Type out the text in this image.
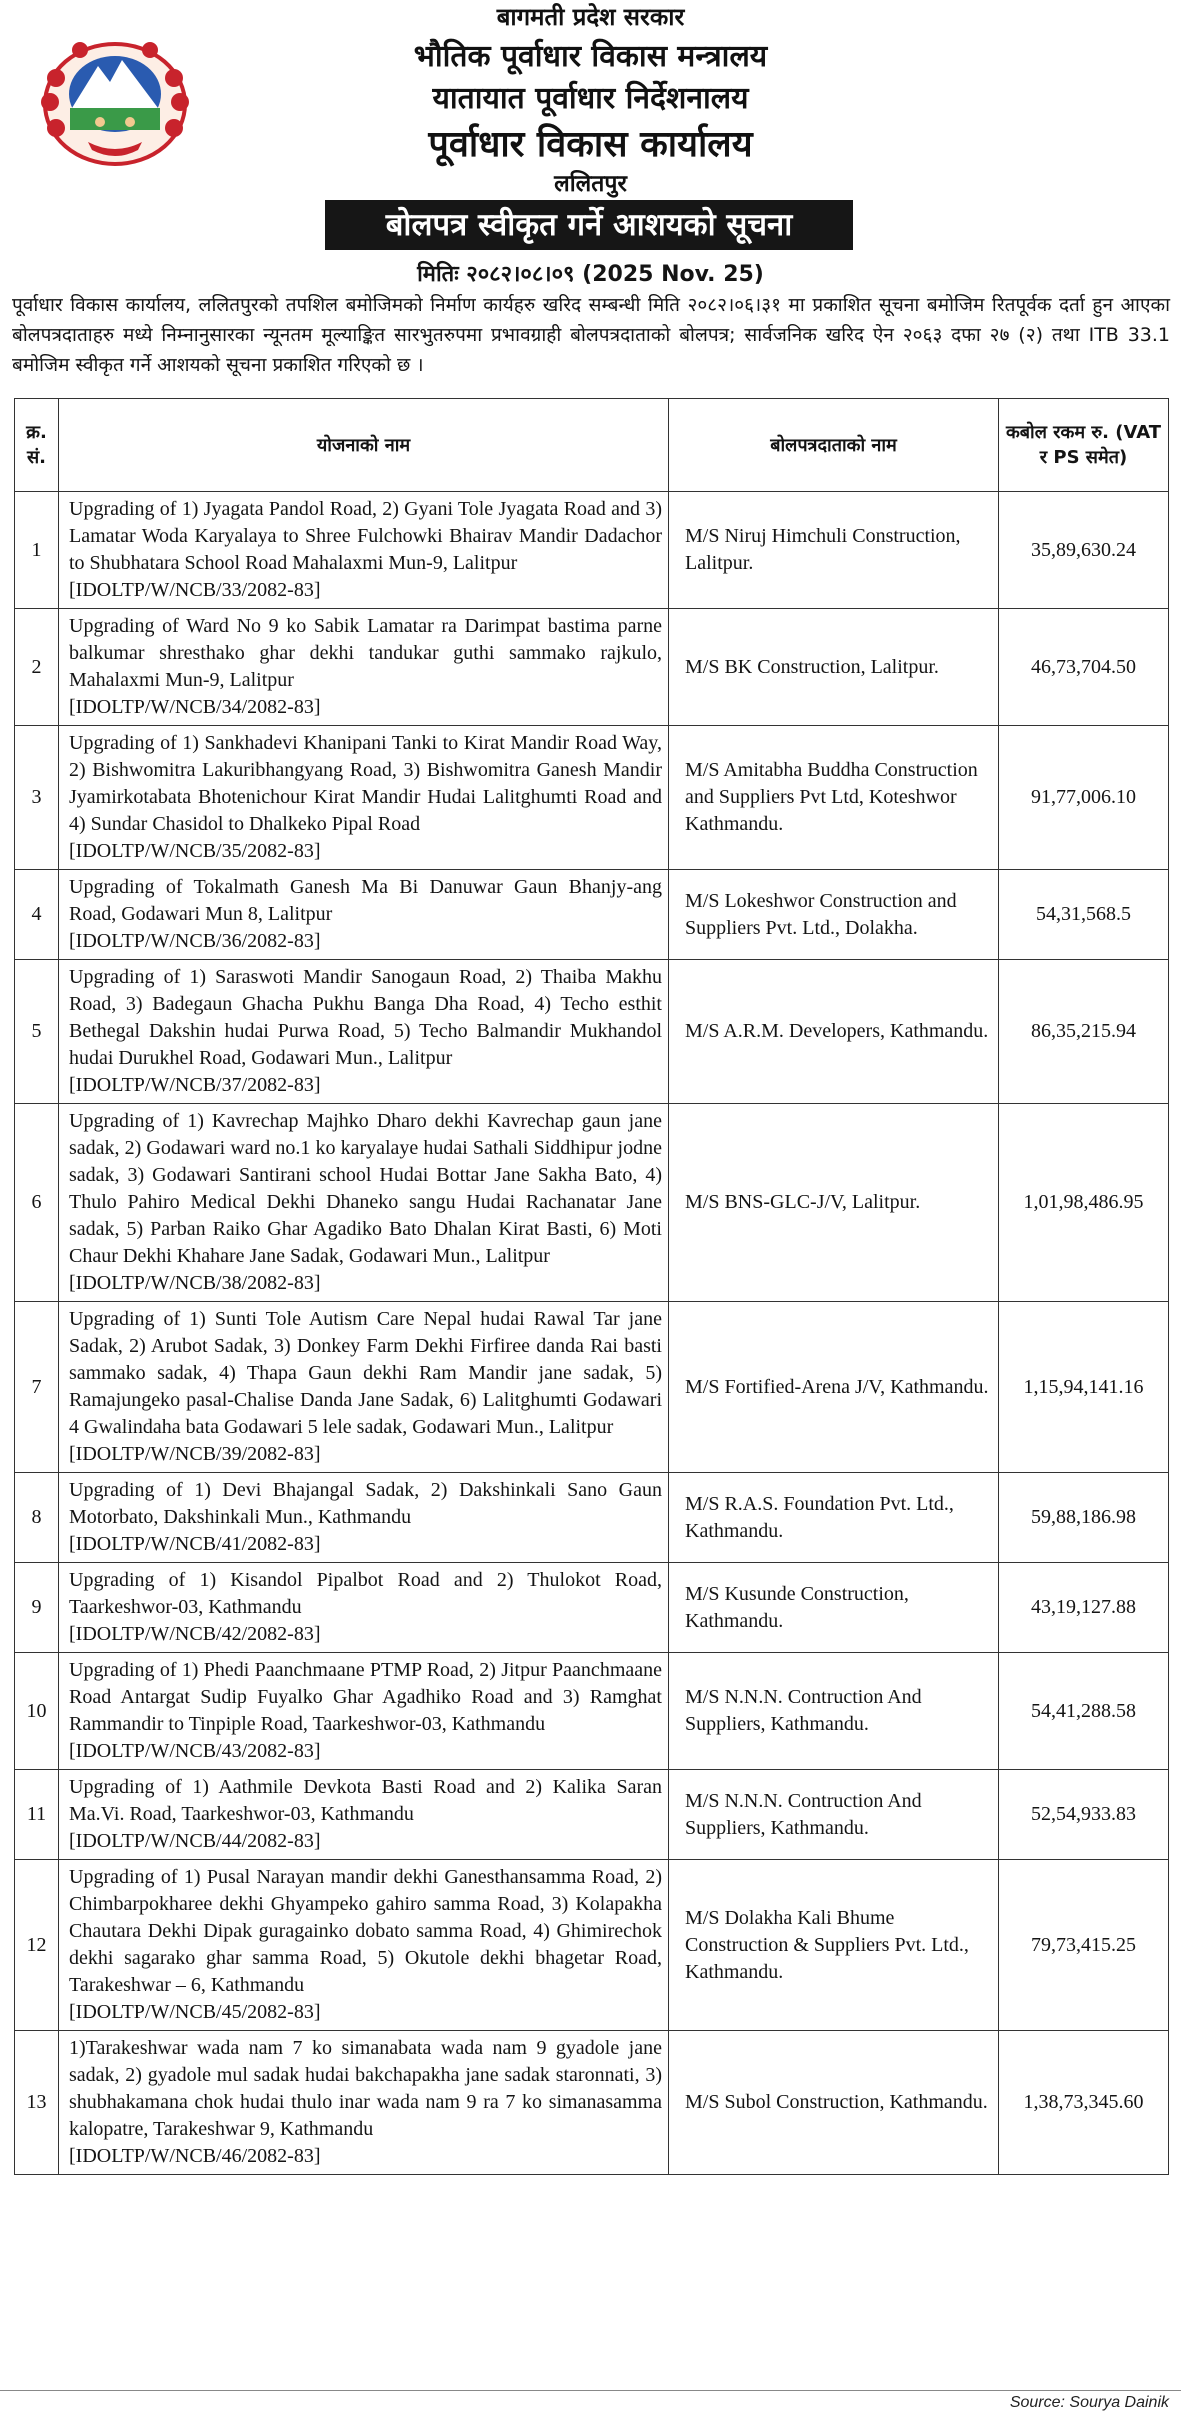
बागमती प्रदेश सरकार
भौतिक पूर्वाधार विकास मन्त्रालय
यातायात पूर्वाधार निर्देशनालय
पूर्वाधार विकास कार्यालय
ललितपुर
बोलपत्र स्वीकृत गर्ने आशयको सूचना
मितिः २०८२।०८।०९ (2025 Nov. 25)
पूर्वाधार विकास कार्यालय, ललितपुरको तपशिल बमोजिमको निर्माण कार्यहरु खरिद सम्बन्धी मिति २०८२।०६।३१ मा प्रकाशित सूचना बमोजिम रितपूर्वक दर्ता हुन आएका बोलपत्रदाताहरु मध्ये निम्नानुसारका न्यूनतम मूल्याङ्कित सारभुतरुपमा प्रभावग्राही बोलपत्रदाताको बोलपत्र; सार्वजनिक खरिद ऐन २०६३ दफा २७ (२) तथा ITB 33.1 बमोजिम स्वीकृत गर्ने आशयको सूचना प्रकाशित गरिएको छ ।
क्र. सं.	योजनाको नाम	बोलपत्रदाताको नाम	कबोल रकम रु. (VAT र PS समेत)
1	Upgrading of 1) Jyagata Pandol Road, 2) Gyani Tole Jyagata Road and 3) Lamatar Woda Karyalaya to Shree Fulchowki Bhairav Mandir Dadachor to Shubhatara School Road Mahalaxmi Mun-9, Lalitpur
[IDOLTP/W/NCB/33/2082-83]	M/S Niruj Himchuli Construction, Lalitpur.	35,89,630.24
2	Upgrading of Ward No 9 ko Sabik Lamatar ra Darimpat bastima parne balkumar shresthako ghar dekhi tandukar guthi sammako rajkulo, Mahalaxmi Mun-9, Lalitpur
[IDOLTP/W/NCB/34/2082-83]	M/S BK Construction, Lalitpur.	46,73,704.50
3	Upgrading of 1) Sankhadevi Khanipani Tanki to Kirat Mandir Road Way, 2) Bishwomitra Lakuribhangyang Road, 3) Bishwomitra Ganesh Mandir Jyamirkotabata Bhotenichour Kirat Mandir Hudai Lalitghumti Road and 4) Sundar Chasidol to Dhalkeko Pipal Road
[IDOLTP/W/NCB/35/2082-83]	M/S Amitabha Buddha Construction and Suppliers Pvt Ltd, Koteshwor Kathmandu.	91,77,006.10
4	Upgrading of Tokalmath Ganesh Ma Bi Danuwar Gaun Bhanjy-ang Road, Godawari Mun 8, Lalitpur
[IDOLTP/W/NCB/36/2082-83]	M/S Lokeshwor Construction and Suppliers Pvt. Ltd., Dolakha.	54,31,568.5
5	Upgrading of 1) Saraswoti Mandir Sanogaun Road, 2) Thaiba Makhu Road, 3) Badegaun Ghacha Pukhu Banga Dha Road, 4) Techo esthit Bethegal Dakshin hudai Purwa Road, 5) Techo Balmandir Mukhandol hudai Durukhel Road, Godawari Mun., Lalitpur
[IDOLTP/W/NCB/37/2082-83]	M/S A.R.M. Developers, Kathmandu.	86,35,215.94
6	Upgrading of 1) Kavrechap Majhko Dharo dekhi Kavrechap gaun jane sadak, 2) Godawari ward no.1 ko karyalaye hudai Sathali Siddhipur jodne sadak, 3) Godawari Santirani school Hudai Bottar Jane Sakha Bato, 4) Thulo Pahiro Medical Dekhi Dhaneko sangu Hudai Rachanatar Jane sadak, 5) Parban Raiko Ghar Agadiko Bato Dhalan Kirat Basti, 6) Moti Chaur Dekhi Khahare Jane Sadak, Godawari Mun., Lalitpur
[IDOLTP/W/NCB/38/2082-83]	M/S BNS-GLC-J/V, Lalitpur.	1,01,98,486.95
7	Upgrading of 1) Sunti Tole Autism Care Nepal hudai Rawal Tar jane Sadak, 2) Arubot Sadak, 3) Donkey Farm Dekhi Firfiree danda Rai basti sammako sadak, 4) Thapa Gaun dekhi Ram Mandir jane sadak, 5) Ramajungeko pasal-Chalise Danda Jane Sadak, 6) Lalitghumti Godawari 4 Gwalindaha bata Godawari 5 lele sadak, Godawari Mun., Lalitpur
[IDOLTP/W/NCB/39/2082-83]	M/S Fortified-Arena J/V, Kathmandu.	1,15,94,141.16
8	Upgrading of 1) Devi Bhajangal Sadak, 2) Dakshinkali Sano Gaun Motorbato, Dakshinkali Mun., Kathmandu
[IDOLTP/W/NCB/41/2082-83]	M/S R.A.S. Foundation Pvt. Ltd., Kathmandu.	59,88,186.98
9	Upgrading of 1) Kisandol Pipalbot Road and 2) Thulokot Road, Taarkeshwor-03, Kathmandu
[IDOLTP/W/NCB/42/2082-83]	M/S Kusunde Construction, Kathmandu.	43,19,127.88
10	Upgrading of 1) Phedi Paanchmaane PTMP Road, 2) Jitpur Paanchmaane Road Antargat Sudip Fuyalko Ghar Agadhiko Road and 3) Ramghat Rammandir to Tinpiple Road, Taarkeshwor-03, Kathmandu
[IDOLTP/W/NCB/43/2082-83]	M/S N.N.N. Contruction And Suppliers, Kathmandu.	54,41,288.58
11	Upgrading of 1) Aathmile Devkota Basti Road and 2) Kalika Saran Ma.Vi. Road, Taarkeshwor-03, Kathmandu
[IDOLTP/W/NCB/44/2082-83]	M/S N.N.N. Contruction And Suppliers, Kathmandu.	52,54,933.83
12	Upgrading of 1) Pusal Narayan mandir dekhi Ganesthansamma Road, 2) Chimbarpokharee dekhi Ghyampeko gahiro samma Road, 3) Kolapakha Chautara Dekhi Dipak guragainko dobato samma Road, 4) Ghimirechok dekhi sagarako ghar samma Road, 5) Okutole dekhi bhagetar Road, Tarakeshwar – 6, Kathmandu
[IDOLTP/W/NCB/45/2082-83]	M/S Dolakha Kali Bhume Construction & Suppliers Pvt. Ltd., Kathmandu.	79,73,415.25
13	1)Tarakeshwar wada nam 7 ko simanabata wada nam 9 gyadole jane sadak, 2) gyadole mul sadak hudai bakchapakha jane sadak staronnati, 3) shubhakamana chok hudai thulo inar wada nam 9 ra 7 ko simanasamma kalopatre, Tarakeshwar 9, Kathmandu
[IDOLTP/W/NCB/46/2082-83]	M/S Subol Construction, Kathmandu.	1,38,73,345.60
Source: Sourya Dainik
